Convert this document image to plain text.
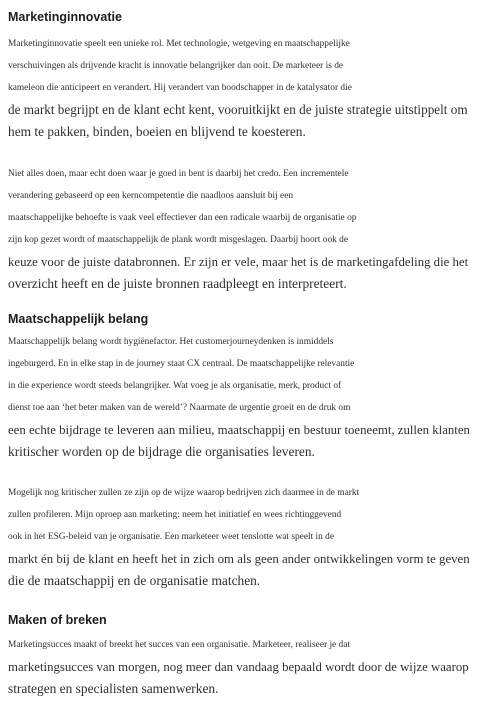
Marketinginnovatie

Marketinginnovatie speelt een unieke rol. Met technologie, wetgeving en maatschappelijke
verschuivingen als drijvende kracht is innovatie belangrijker dan ooit. De marketeer is de
kameleon die anticipeert en verandert. Hij verandert van boodschapper in de katalysator die
de markt begrijpt en de klant echt kent, vooruitkijkt en de juiste strategie uitstippelt om
hem te pakken, binden, boeien en blijvend te koesteren.

Niet alles doen, maar echt doen waar je goed in bent is daarbij het credo. Een incrementele
verandering gebaseerd op een kerncompetentie die naadloos aansluit bij een
maatschappelijke behoefte is vaak veel effectiever dan een radicale waarbij de organisatie op
zijn kop gezet wordt of maatschappelijk de plank wordt misgeslagen. Daarbij hoort ook de
keuze voor de juiste databronnen. Er zijn er vele, maar het is de marketingafdeling die het
overzicht heeft en de juiste bronnen raadpleegt en interpreteert.

Maatschappelijk belang

Maatschappelijk belang wordt hygiënefactor. Het customerjourneydenken is inmiddels
ingeburgerd. En in elke stap in de journey staat CX centraal. De maatschappelijke relevantie
in die experience wordt steeds belangrijker. Wat voeg je als organisatie, merk, product of
dienst toe aan ‘het beter maken van de wereld’? Naarmate de urgentie groeit en de druk om
een echte bijdrage te leveren aan milieu, maatschappij en bestuur toeneemt, zullen klanten
kritischer worden op de bijdrage die organisaties leveren.

Mogelijk nog kritischer zullen ze zijn op de wijze waarop bedrijven zich daarmee in de markt
zullen profileren. Mijn oproep aan marketing: neem het initiatief en wees richtinggevend
ook in het ESG-beleid van je organisatie. Een marketeer weet tenslotte wat speelt in de
markt én bij de klant en heeft het in zich om als geen ander ontwikkelingen vorm te geven
die de maatschappij en de organisatie matchen.

Maken of breken

Marketingsucces maakt of breekt het succes van een organisatie. Marketeer, realiseer je dat
marketingsucces van morgen, nog meer dan vandaag bepaald wordt door de wijze waarop
strategen en specialisten samenwerken.
